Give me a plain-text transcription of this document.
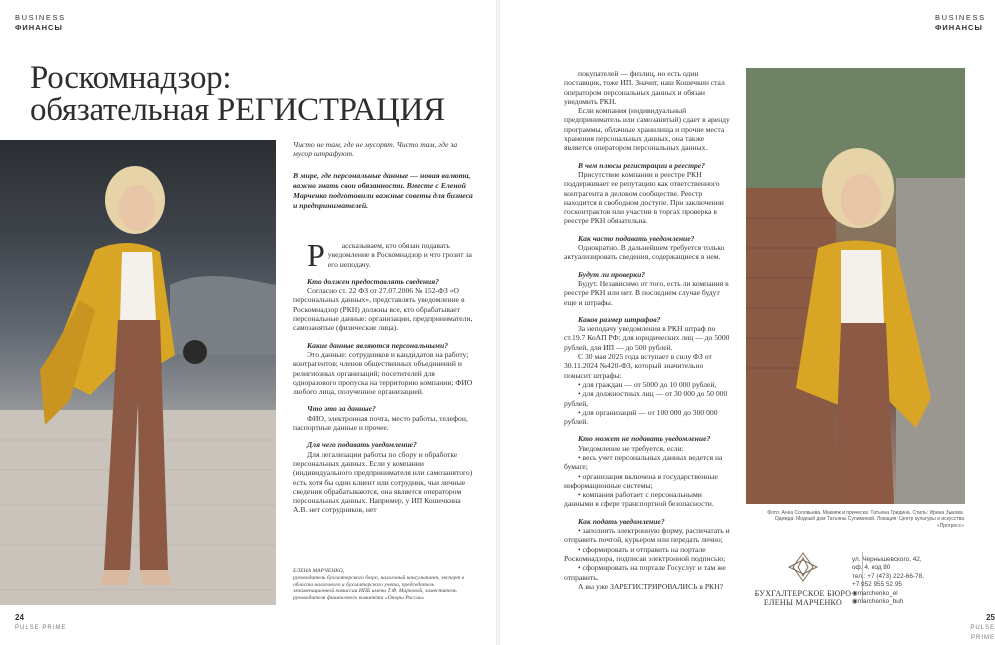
BUSINESS
ФИНАНСЫ
BUSINESS
ФИНАНСЫ
Роскомнадзор:
обязательная РЕГИСТРАЦИЯ
Чисто не там, где не мусорят. Чисто там, где за мусор штрафуют.
В мире, где персональные данные — новая валюта, важно знать свои обязанности. Вместе с Еленой Марченко подготовили важные советы для бизнеса и предпринимателей.

Р ассказываем, кто обязан подавать уведомление в Роскомнадзор и что грозит за его неподачу.

Кто должен предоставлять сведения?

Согласно ст. 22 ФЗ от 27.07.2006 № 152-ФЗ «О персональных данных», представлять уведомление в Роскомнадзор (РКН) должны все, кто обрабатывает персональные данные: организации, предприниматели, самозанятые (физические лица).

Какие данные являются персональными?

Это данные: сотрудников и кандидатов на работу; контрагентов; членов общественных объединений и религиозных организаций; посетителей для одноразового пропуска на территорию компании; ФИО любого лица, полученное организацией.

Что это за данные?

ФИО, электронная почта, место работы, телефон, паспортные данные и прочее.

Для чего подавать уведомление?

Для легализации работы по сбору и обработке персональных данных. Если у компании (индивидуального предпринимателя или самозанятого) есть хотя бы один клиент или сотрудник, чьи личные сведения обрабатываются, она является оператором персональных данных. Например, у ИП Кошечкина А.В. нет сотрудников, нет

ЕЛЕНА МАРЧЕНКО,
руководитель бухгалтерского бюро, налоговый консультант, эксперт в области налогового и бухгалтерского учета, председатель экзаменационной комиссии ИПБ имени Т.Ф. Марковой, заместитель руководителя финансового комитета «Опоры России»

покупателей — физлиц, но есть один поставщик, тоже ИП. Значит, наш Кошечкин стал оператором персональных данных и обязан уведомить РКН.

Если компания (индивидуальный предприниматель или самозанятый) сдает в аренду программы, облачные хранилища и прочие места хранения персональных данных, она также является оператором персональных данных.

В чем плюсы регистрации в реестре?

Присутствие компании в реестре РКН поддерживает ее репутацию как ответственного контрагента в деловом сообществе. Реестр находится в свободном доступе. При заключении госконтрактов или участии в торгах проверка в реестре РКН обязательна.

Как часто подавать уведомление?

Однократно. В дальнейшем требуется только актуализировать сведения, содержащиеся в нем.

Будут ли проверки?

Будут. Независимо от того, есть ли компания в реестре РКН или нет. В последнем случае будут еще и штрафы.

Каков размер штрафов?

За неподачу уведомления в РКН штраф по ст.19.7 КоАП РФ: для юридических лиц — до 5000 рублей, для ИП — до 500 рублей.

С 30 мая 2025 года вступает в силу ФЗ от 30.11.2024 №420-ФЗ, который значительно повысит штрафы:

• для граждан — от 5000 до 10 000 рублей,

• для должностных лиц — от 30 000 до 50 000 рублей,

• для организаций — от 100 000 до 300 000 рублей.

Кто может не подавать уведомление?

Уведомление не требуется, если:

• весь учет персональных данных ведется на бумаге;

• организация включена в государственные информационные системы;

• компания работает с персональными данными в сфере транспортной безопасности.

Как подать уведомление?

• заполнить электронную форму, распечатать и отправить почтой, курьером или передать лично;

• сформировать и отправить на портале Роскомнадзора, подписав электронной подписью;

• сформировать на портале Госуслуг и там же отправить.

А вы уже ЗАРЕГИСТРИРОВАЛИСЬ в РКН?

Фото: Анна Соловьева. Макияж и прическа: Татьяна Гридина. Стиль: Ирина Зыкова. Одежда: Модный дом Татьяны Сулиминой. Локация: Центр культуры и искусства «Прогресс»
БУХГАЛТЕРСКОЕ БЮРО
ЕЛЕНЫ МАРЧЕНКО
ул. Чернышевского, 42,
оф. 4, код 80
тел.: +7 (473) 222-66-78,
+7 952 955 52 95
◉marchenko_el
◉marchenko_buh
24
PULSE PRIME
25
PULSE PRIME
